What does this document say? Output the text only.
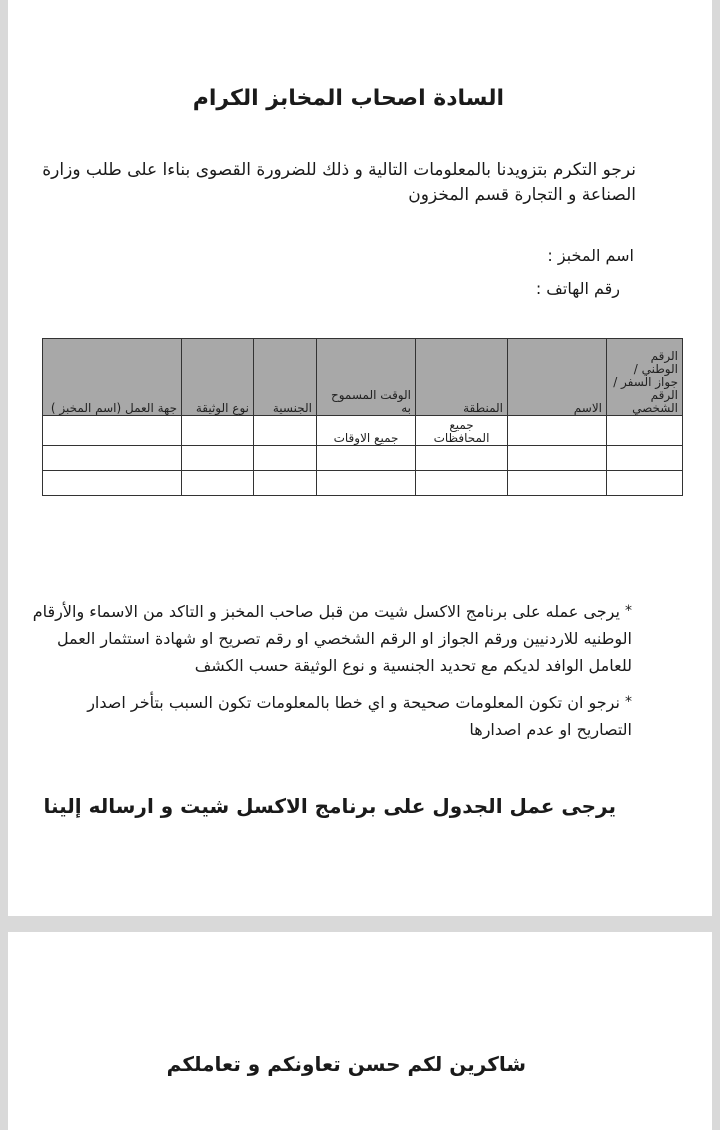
السادة اصحاب المخابز الكرام
نرجو التكرم بتزويدنا بالمعلومات التالية و ذلك للضرورة القصوى بناءا على طلب وزارة الصناعة و التجارة قسم المخزون
اسم المخبز :
رقم الهاتف :
الرقم الوطني / جواز السفر / الرقم الشخصي	الاسم	المنطقة	الوقت المسموح به	الجنسية	نوع الوثيقة	جهة العمل (اسم المخبز )
		جميع المحافظات	جميع الاوقات			

* يرجى عمله على برنامج الاكسل شيت من قبل صاحب المخبز و التاكد من الاسماء والأرقام الوطنيه للاردنيين ورقم الجواز او الرقم الشخصي او رقم تصريح او شهادة استثمار العمل للعامل الوافد لديكم مع تحديد الجنسية و نوع الوثيقة حسب الكشف

* نرجو ان تكون المعلومات صحيحة و اي خطا بالمعلومات تكون السبب بتأخر اصدار التصاريح او عدم اصدارها

يرجى عمل الجدول على برنامج الاكسل شيت و ارساله إلينا
شاكرين لكم حسن تعاونكم و تعاملكم
